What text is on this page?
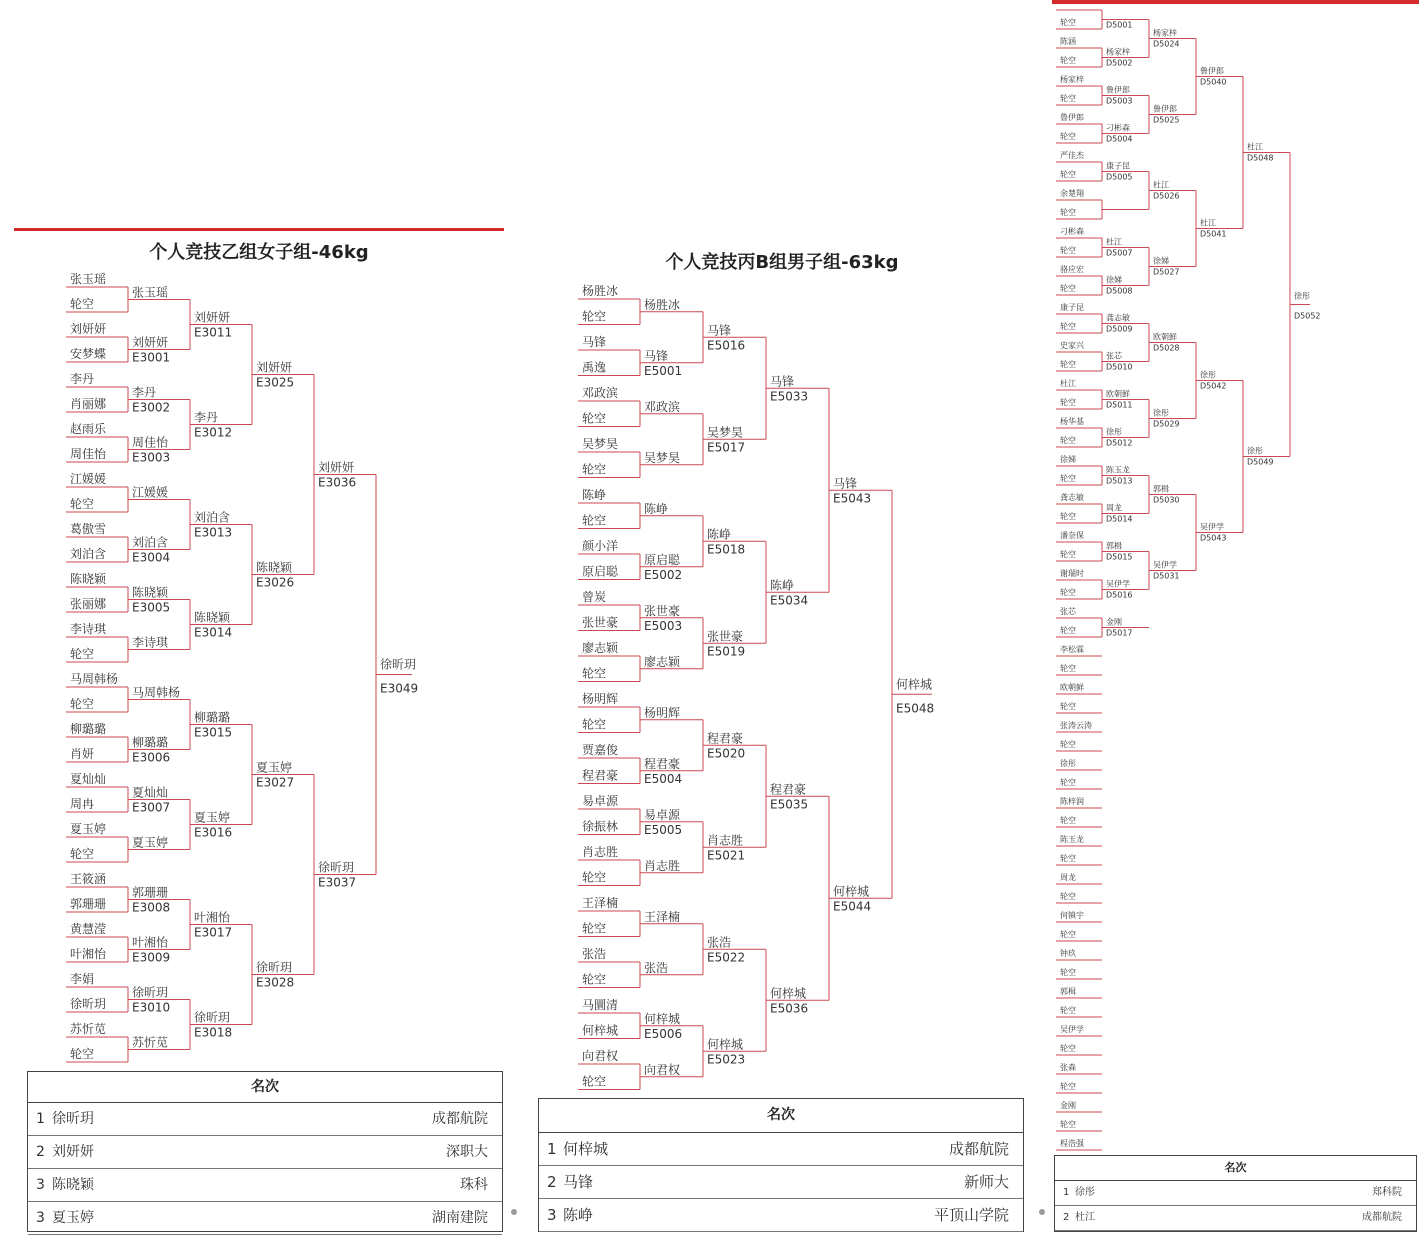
个人竞技乙组女子组-46kg
张玉瑶
轮空
刘妍妍
安梦蝶
李丹
肖丽娜
赵雨乐
周佳怡
江媛媛
轮空
葛傲雪
刘泊含
陈晓颖
张丽娜
李诗琪
轮空
马周韩杨
轮空
柳璐璐
肖妍
夏灿灿
周冉
夏玉婷
轮空
王筱涵
郭珊珊
黄慧滢
叶湘怡
李娟
徐昕玥
苏忻苋
轮空
张玉瑶
刘妍妍
E3001
李丹
E3002
周佳怡
E3003
江媛媛
刘泊含
E3004
陈晓颖
E3005
李诗琪
马周韩杨
柳璐璐
E3006
夏灿灿
E3007
夏玉婷
郭珊珊
E3008
叶湘怡
E3009
徐昕玥
E3010
苏忻苋
刘妍妍
E3011
李丹
E3012
刘泊含
E3013
陈晓颖
E3014
柳璐璐
E3015
夏玉婷
E3016
叶湘怡
E3017
徐昕玥
E3018
刘妍妍
E3025
陈晓颖
E3026
夏玉婷
E3027
徐昕玥
E3028
刘妍妍
E3036
徐昕玥
E3037
徐昕玥
E3049
名次
1 徐昕玥	成都航院
2 刘妍妍	深职大
3 陈晓颖	珠科
3 夏玉婷	湖南建院
个人竞技丙B组男子组-63kg
杨胜冰
轮空
马锋
禹逸
邓政滨
轮空
吴梦昊
轮空
陈峥
轮空
颜小洋
原启聪
曾炭
张世豪
廖志颖
轮空
杨明辉
轮空
贾嘉俊
程君豪
易卓源
徐振林
肖志胜
轮空
王泽楠
轮空
张浩
轮空
马圜清
何梓城
向君权
轮空
杨胜冰
马锋
E5001
邓政滨
吴梦昊
陈峥
原启聪
E5002
张世豪
E5003
廖志颖
杨明辉
程君豪
E5004
易卓源
E5005
肖志胜
王泽楠
张浩
何梓城
E5006
向君权
马锋
E5016
吴梦昊
E5017
陈峥
E5018
张世豪
E5019
程君豪
E5020
肖志胜
E5021
张浩
E5022
何梓城
E5023
马锋
E5033
陈峥
E5034
程君豪
E5035
何梓城
E5036
马锋
E5043
何梓城
E5044
何梓城
E5048
名次
1 何梓城	成都航院
2 马锋	新师大
3 陈峥	平顶山学院
轮空
陈涵
轮空
杨家梓
轮空
鲁伊郎
轮空
严佳杰
轮空
余楚翔
轮空
刁彬森
轮空
骆应宏
轮空
康子昆
轮空
史家兴
轮空
杜江
轮空
杨华基
轮空
徐娣
轮空
龚志敏
轮空
潘奈保
轮空
谢瑞时
轮空
张芯
轮空
李松霖
轮空
欧朝鲜
轮空
张涛云涛
轮空
徐彤
轮空
陈梓润
轮空
陈玉龙
轮空
周龙
轮空
何镇宇
轮空
钟玖
轮空
郭楫
轮空
吴伊学
轮空
张森
轮空
金刚
轮空
程浩强
D5001
杨家梓
D5002
鲁伊郎
D5003
刁彬森
D5004
康子昆
D5005
杜江
D5007
徐娣
D5008
龚志敏
D5009
张芯
D5010
欧朝鲜
D5011
徐彤
D5012
陈玉龙
D5013
周龙
D5014
郭楫
D5015
吴伊学
D5016
金刚
D5017
杨家梓
D5024
鲁伊郎
D5025
杜江
D5026
徐娣
D5027
欧朝鲜
D5028
徐彤
D5029
郭楫
D5030
吴伊学
D5031
鲁伊郎
D5040
杜江
D5041
徐彤
D5042
吴伊学
D5043
杜江
D5048
徐彤
D5049
徐彤
D5052
名次
1 徐彤	郑科院
2 杜江	成都航院
